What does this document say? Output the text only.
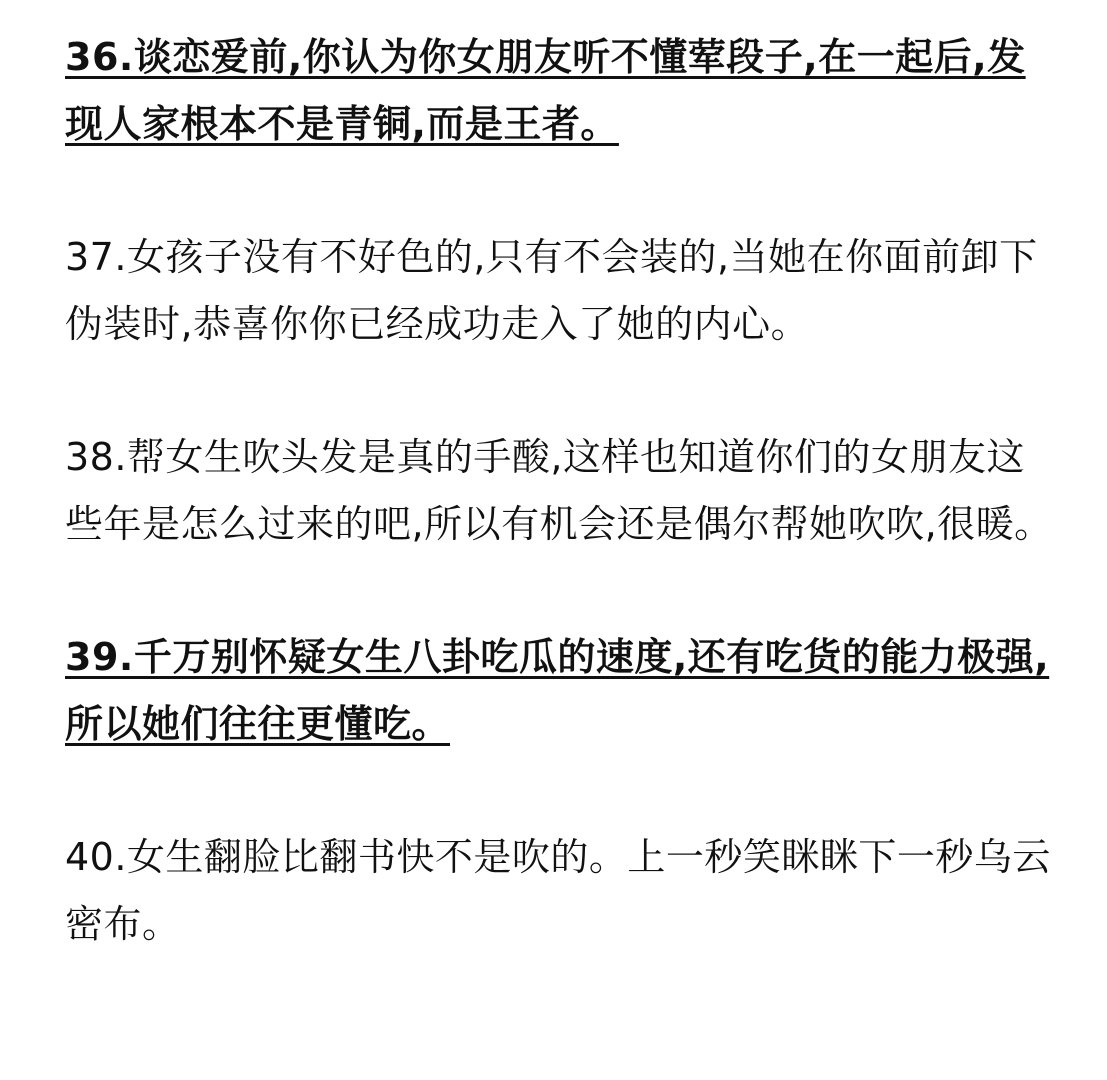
36.谈恋爱前,你认为你女朋友听不懂荤段子,在一起后,发现人家根本不是青铜,而是王者。

37.女孩子没有不好色的,只有不会装的,当她在你面前卸下伪装时,恭喜你你已经成功走入了她的内心。

38.帮女生吹头发是真的手酸,这样也知道你们的女朋友这些年是怎么过来的吧,所以有机会还是偶尔帮她吹吹,很暖。

39.千万别怀疑女生八卦吃瓜的速度,还有吃货的能力极强,所以她们往往更懂吃。

40.女生翻脸比翻书快不是吹的。上一秒笑眯眯下一秒乌云密布。
